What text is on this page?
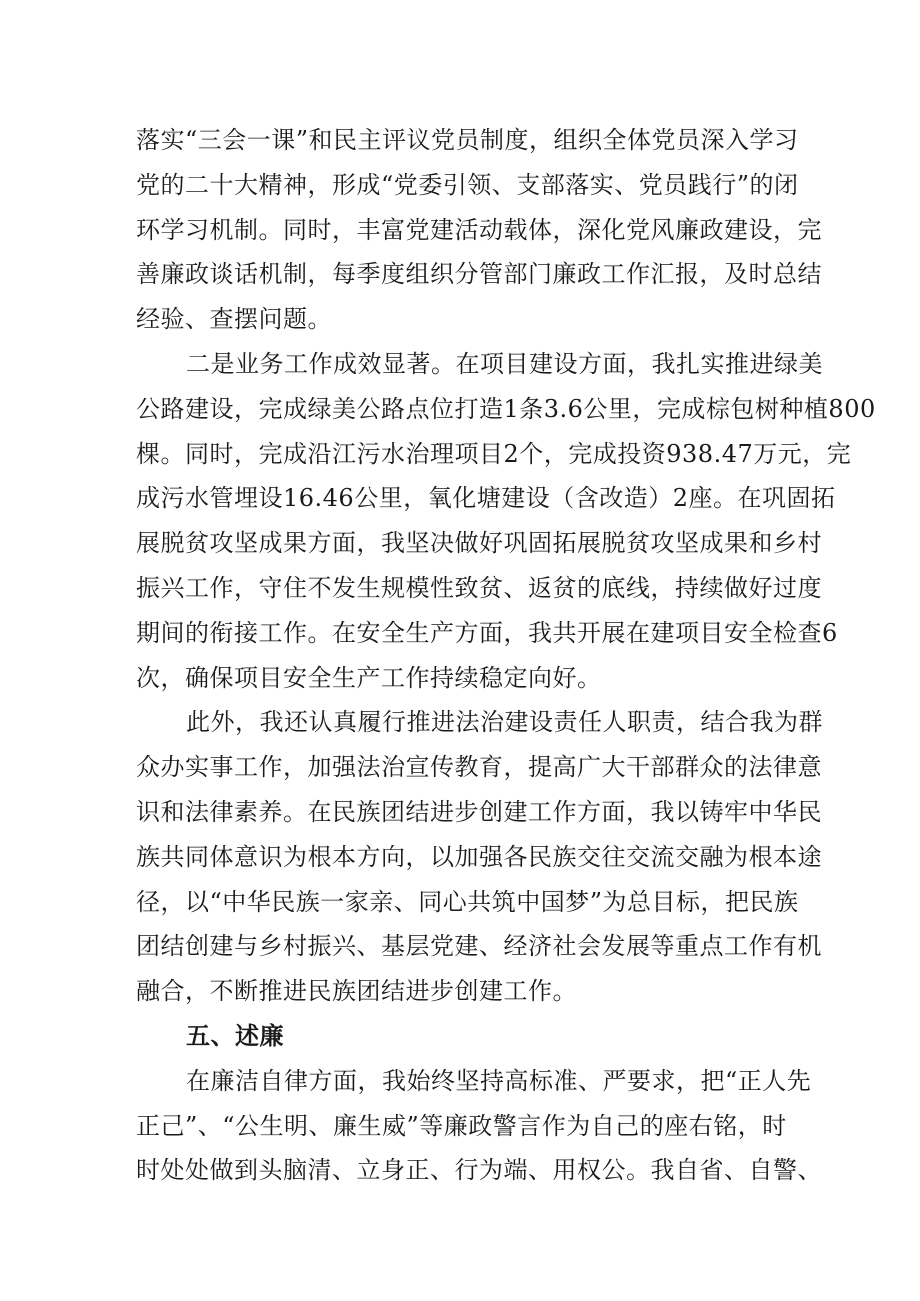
落实“三会一课”和民主评议党员制度，组织全体党员深入学习
党的二十大精神，形成“党委引领、支部落实、党员践行”的闭
环学习机制。同时，丰富党建活动载体，深化党风廉政建设，完
善廉政谈话机制，每季度组织分管部门廉政工作汇报，及时总结
经验、查摆问题。
二是业务工作成效显著。在项目建设方面，我扎实推进绿美
公路建设，完成绿美公路点位打造1条3.6公里，完成棕包树种植800
棵。同时，完成沿江污水治理项目2个，完成投资938.47万元，完
成污水管埋设16.46公里，氧化塘建设（含改造）2座。在巩固拓
展脱贫攻坚成果方面，我坚决做好巩固拓展脱贫攻坚成果和乡村
振兴工作，守住不发生规模性致贫、返贫的底线，持续做好过度
期间的衔接工作。在安全生产方面，我共开展在建项目安全检查6
次，确保项目安全生产工作持续稳定向好。
此外，我还认真履行推进法治建设责任人职责，结合我为群
众办实事工作，加强法治宣传教育，提高广大干部群众的法律意
识和法律素养。在民族团结进步创建工作方面，我以铸牢中华民
族共同体意识为根本方向，以加强各民族交往交流交融为根本途
径，以“中华民族一家亲、同心共筑中国梦”为总目标，把民族
团结创建与乡村振兴、基层党建、经济社会发展等重点工作有机
融合，不断推进民族团结进步创建工作。
五、述廉
在廉洁自律方面，我始终坚持高标准、严要求，把“正人先
正己”、“公生明、廉生威”等廉政警言作为自己的座右铭，时
时处处做到头脑清、立身正、行为端、用权公。我自省、自警、
